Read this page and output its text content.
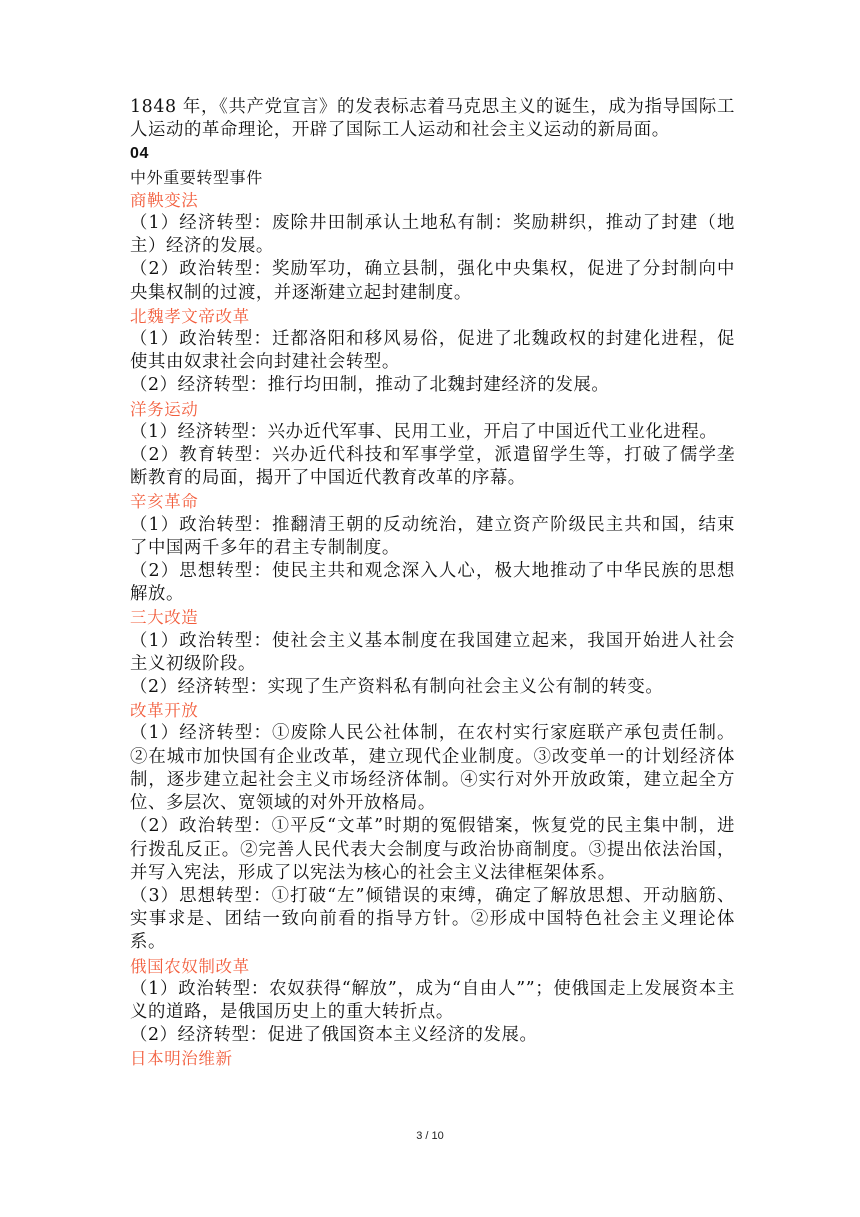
1848 年，《共产党宣言》的发表标志着马克思主义的诞生，成为指导国际工人运动的革命理论，开辟了国际工人运动和社会主义运动的新局面。

04

中外重要转型事件

商鞅变法

（1）经济转型：废除井田制承认土地私有制：奖励耕织，推动了封建（地主）经济的发展。

（2）政治转型：奖励军功，确立县制，强化中央集权，促进了分封制向中央集权制的过渡，并逐渐建立起封建制度。

北魏孝文帝改革

（1）政治转型：迁都洛阳和移风易俗，促进了北魏政权的封建化进程，促使其由奴隶社会向封建社会转型。

（2）经济转型：推行均田制，推动了北魏封建经济的发展。

洋务运动

（1）经济转型：兴办近代军事、民用工业，开启了中国近代工业化进程。

（2）教育转型：兴办近代科技和军事学堂，派遣留学生等，打破了儒学垄断教育的局面，揭开了中国近代教育改革的序幕。

辛亥革命

（1）政治转型：推翻清王朝的反动统治，建立资产阶级民主共和国，结束了中国两千多年的君主专制制度。

（2）思想转型：使民主共和观念深入人心，极大地推动了中华民族的思想解放。

三大改造

（1）政治转型：使社会主义基本制度在我国建立起来，我国开始进人社会主义初级阶段。

（2）经济转型：实现了生产资料私有制向社会主义公有制的转变。

改革开放

（1）经济转型：①废除人民公社体制，在农村实行家庭联产承包责任制。②在城市加快国有企业改革，建立现代企业制度。③改变单一的计划经济体制，逐步建立起社会主义市场经济体制。④实行对外开放政策，建立起全方位、多层次、宽领域的对外开放格局。

（2）政治转型：①平反“文革”时期的冤假错案，恢复党的民主集中制，进行拨乱反正。②完善人民代表大会制度与政治协商制度。③提出依法治国，并写入宪法，形成了以宪法为核心的社会主义法律框架体系。

（3）思想转型：①打破“左”倾错误的束缚，确定了解放思想、开动脑筋、实事求是、团结一致向前看的指导方针。②形成中国特色社会主义理论体系。

俄国农奴制改革

（1）政治转型：农奴获得“解放”，成为“自由人””；使俄国走上发展资本主义的道路，是俄国历史上的重大转折点。

（2）经济转型：促进了俄国资本主义经济的发展。

日本明治维新

3 / 10
